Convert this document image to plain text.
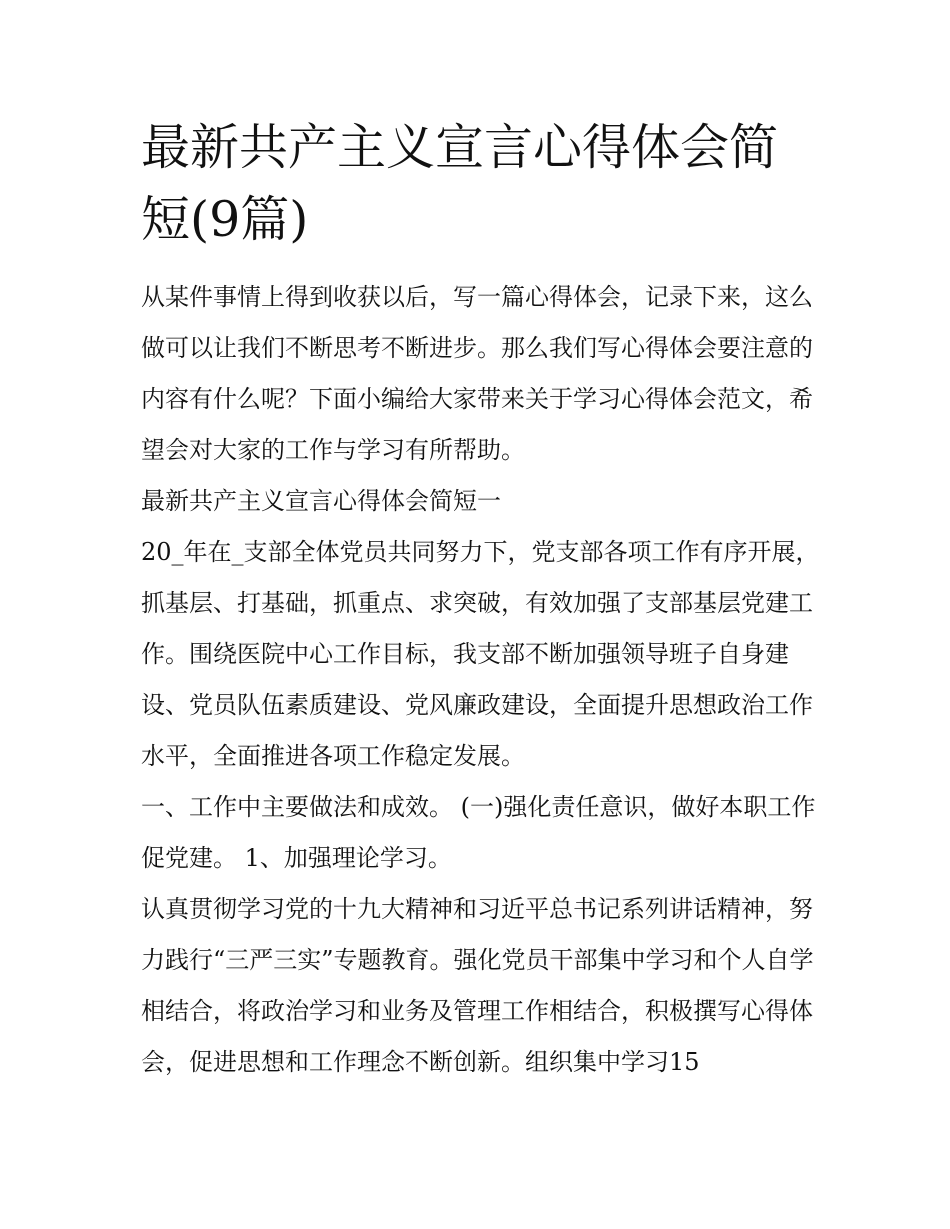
最新共产主义宣言心得体会简短(9篇)

从某件事情上得到收获以后，写一篇心得体会，记录下来，这么做可以让我们不断思考不断进步。那么我们写心得体会要注意的内容有什么呢？下面小编给大家带来关于学习心得体会范文，希望会对大家的工作与学习有所帮助。

最新共产主义宣言心得体会简短一

20_年在_支部全体党员共同努力下，党支部各项工作有序开展，抓基层、打基础，抓重点、求突破，有效加强了支部基层党建工作。围绕医院中心工作目标，我支部不断加强领导班子自身建设、党员队伍素质建设、党风廉政建设，全面提升思想政治工作水平，全面推进各项工作稳定发展。

一、工作中主要做法和成效。 (一)强化责任意识，做好本职工作促党建。 1、加强理论学习。

认真贯彻学习党的十九大精神和习近平总书记系列讲话精神，努力践行“三严三实”专题教育。强化党员干部集中学习和个人自学相结合，将政治学习和业务及管理工作相结合，积极撰写心得体会，促进思想和工作理念不断创新。组织集中学习15
